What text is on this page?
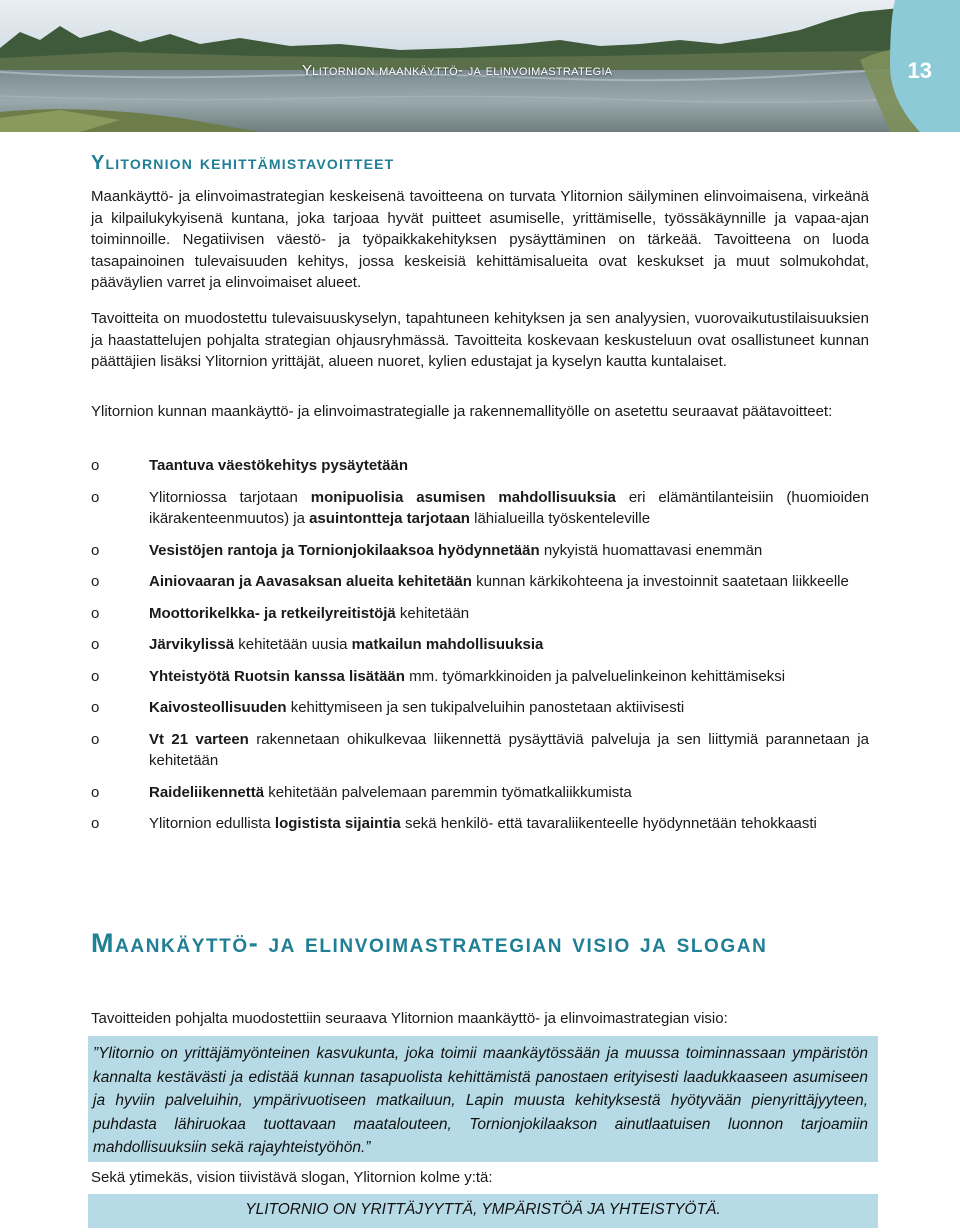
Ylitornion maankäyttö- ja elinvoimastrategia	13
Ylitornion kehittämistavoitteet

Maankäyttö- ja elinvoimastrategian keskeisenä tavoitteena on turvata Ylitornion säilyminen elinvoimaisena, virkeänä ja kilpailukykyisenä kuntana, joka tarjoaa hyvät puitteet asumiselle, yrittämiselle, työssäkäynnille ja vapaa-ajan toiminnoille. Negatiivisen väestö- ja työpaikkakehityksen pysäyttäminen on tärkeää. Tavoitteena on luoda tasapainoinen tulevaisuuden kehitys, jossa keskeisiä kehittämisalueita ovat keskukset ja muut solmukohdat, pääväylien varret ja elinvoimaiset alueet.

Tavoitteita on muodostettu tulevaisuuskyselyn, tapahtuneen kehityksen ja sen analyysien, vuorovaikutustilaisuuksien ja haastattelujen pohjalta strategian ohjausryhmässä. Tavoitteita koskevaan keskusteluun ovat osallistuneet kunnan päättäjien lisäksi Ylitornion yrittäjät, alueen nuoret, kylien edustajat ja kyselyn kautta kuntalaiset.

Ylitornion kunnan maankäyttö- ja elinvoimastrategialle ja rakennemallityölle on asetettu seuraavat päätavoitteet:

o	Taantuva väestökehitys pysäytetään
o	Ylitorniossa tarjotaan monipuolisia asumisen mahdollisuuksia eri elämäntilanteisiin (huomioiden ikärakenteenmuutos) ja asuintontteja tarjotaan lähialueilla työskenteleville
o	Vesistöjen rantoja ja Tornionjokilaaksoa hyödynnetään nykyistä huomattavasi enemmän
o	Ainiovaaran ja Aavasaksan alueita kehitetään kunnan kärkikohteena ja investoinnit saatetaan liikkeelle
o	Moottorikelkka- ja retkeilyreitistöjä kehitetään
o	Järvikylissä kehitetään uusia matkailun mahdollisuuksia
o	Yhteistyötä Ruotsin kanssa lisätään mm. työmarkkinoiden ja palveluelinkeinon kehittämiseksi
o	Kaivosteollisuuden kehittymiseen ja sen tukipalveluihin panostetaan aktiivisesti
o	Vt 21 varteen rakennetaan ohikulkevaa liikennettä pysäyttäviä palveluja ja sen liittymiä parannetaan ja kehitetään
o	Raideliikennettä kehitetään palvelemaan paremmin työmatkaliikkumista
o	Ylitornion edullista logistista sijaintia sekä henkilö- että tavaraliikenteelle hyödynnetään tehokkaasti
Maankäyttö- ja elinvoimastrategian visio ja slogan

Tavoitteiden pohjalta muodostettiin seuraava Ylitornion maankäyttö- ja elinvoimastrategian visio:

”Ylitornio on yrittäjämyönteinen kasvukunta, joka toimii maankäytössään ja muussa toiminnassaan ympäristön kannalta kestävästi ja edistää kunnan tasapuolista kehittämistä panostaen erityisesti laadukkaaseen asumiseen ja hyviin palveluihin, ympärivuotiseen matkailuun, Lapin muusta kehityksestä hyötyvään pienyrittäjyyteen, puhdasta lähiruokaa tuottavaan maatalouteen, Tornionjokilaakson ainutlaatuisen luonnon tarjoamiin mahdollisuuksiin sekä rajayhteistyöhön.”

Sekä ytimekäs, vision tiivistävä slogan, Ylitornion kolme y:tä:

YLITORNIO ON YRITTÄJYYTTÄ, YMPÄRISTÖÄ JA YHTEISTYÖTÄ.
